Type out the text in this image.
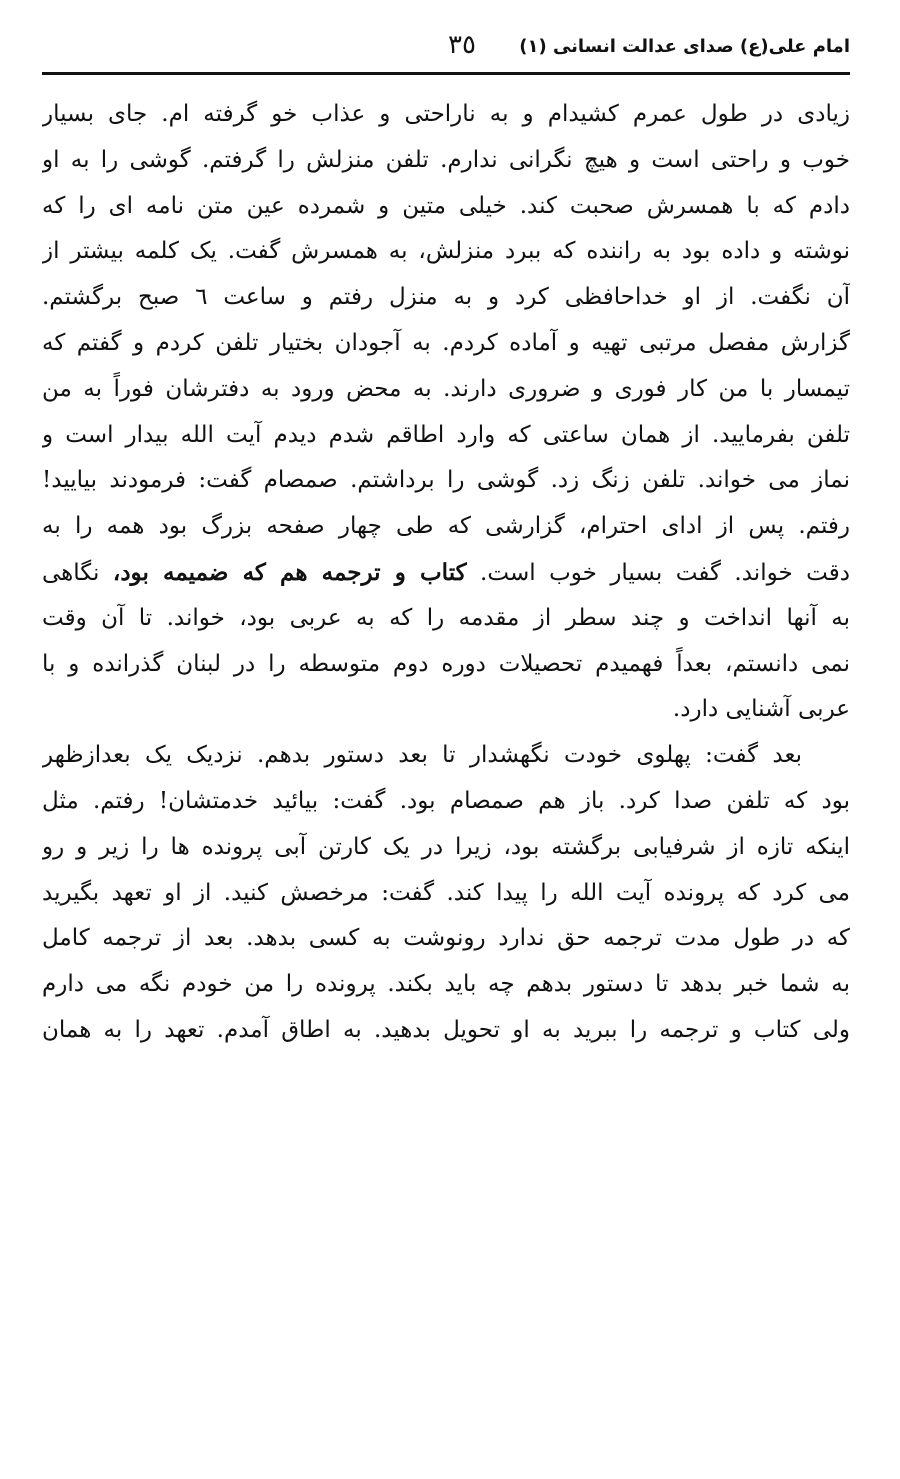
امام علی(ع) صدای عدالت انسانی (۱)
٣٥
زیادی در طول عمرم کشیدام و به ناراحتی و عذاب خو گرفته ام. جای بسیار
خوب و راحتی است و هیچ نگرانی ندارم. تلفن منزلش را گرفتم. گوشی را به او
دادم که با همسرش صحبت کند. خیلی متین و شمرده عین متن نامه ای را که
نوشته و داده بود به راننده که ببرد منزلش، به همسرش گفت. یک کلمه بیشتر از
آن نگفت. از او خداحافظی کرد و به منزل رفتم و ساعت ٦ صبح برگشتم.
گزارش مفصل مرتبی تهیه و آماده کردم. به آجودان بختیار تلفن کردم و گفتم که
تیمسار با من کار فوری و ضروری دارند. به محض ورود به دفترشان فوراً به من
تلفن بفرمایید. از همان ساعتی که وارد اطاقم شدم دیدم آیت الله بیدار است و
نماز می خواند. تلفن زنگ زد. گوشی را برداشتم. صمصام گفت: فرمودند بیایید!
رفتم. پس از ادای احترام، گزارشی که طی چهار صفحه بزرگ بود همه را به
دقت خواند. گفت بسیار خوب است. کتاب و ترجمه هم که ضمیمه بود، نگاهی
به آنها انداخت و چند سطر از مقدمه را که به عربی بود، خواند. تا آن وقت
نمی دانستم، بعداً فهمیدم تحصیلات دوره دوم متوسطه را در لبنان گذرانده و با
عربی آشنایی دارد.
بعد گفت: پهلوی خودت نگهشدار تا بعد دستور بدهم. نزدیک یک بعدازظهر
بود که تلفن صدا کرد. باز هم صمصام بود. گفت: بیائید خدمتشان! رفتم. مثل
اینکه تازه از شرفیابی برگشته بود، زیرا در یک کارتن آبی پرونده ها را زیر و رو
می کرد که پرونده آیت الله را پیدا کند. گفت: مرخصش کنید. از او تعهد بگیرید
که در طول مدت ترجمه حق ندارد رونوشت به کسی بدهد. بعد از ترجمه کامل
به شما خبر بدهد تا دستور بدهم چه باید بکند. پرونده را من خودم نگه می دارم
ولی کتاب و ترجمه را ببرید به او تحویل بدهید. به اطاق آمدم. تعهد را به همان
